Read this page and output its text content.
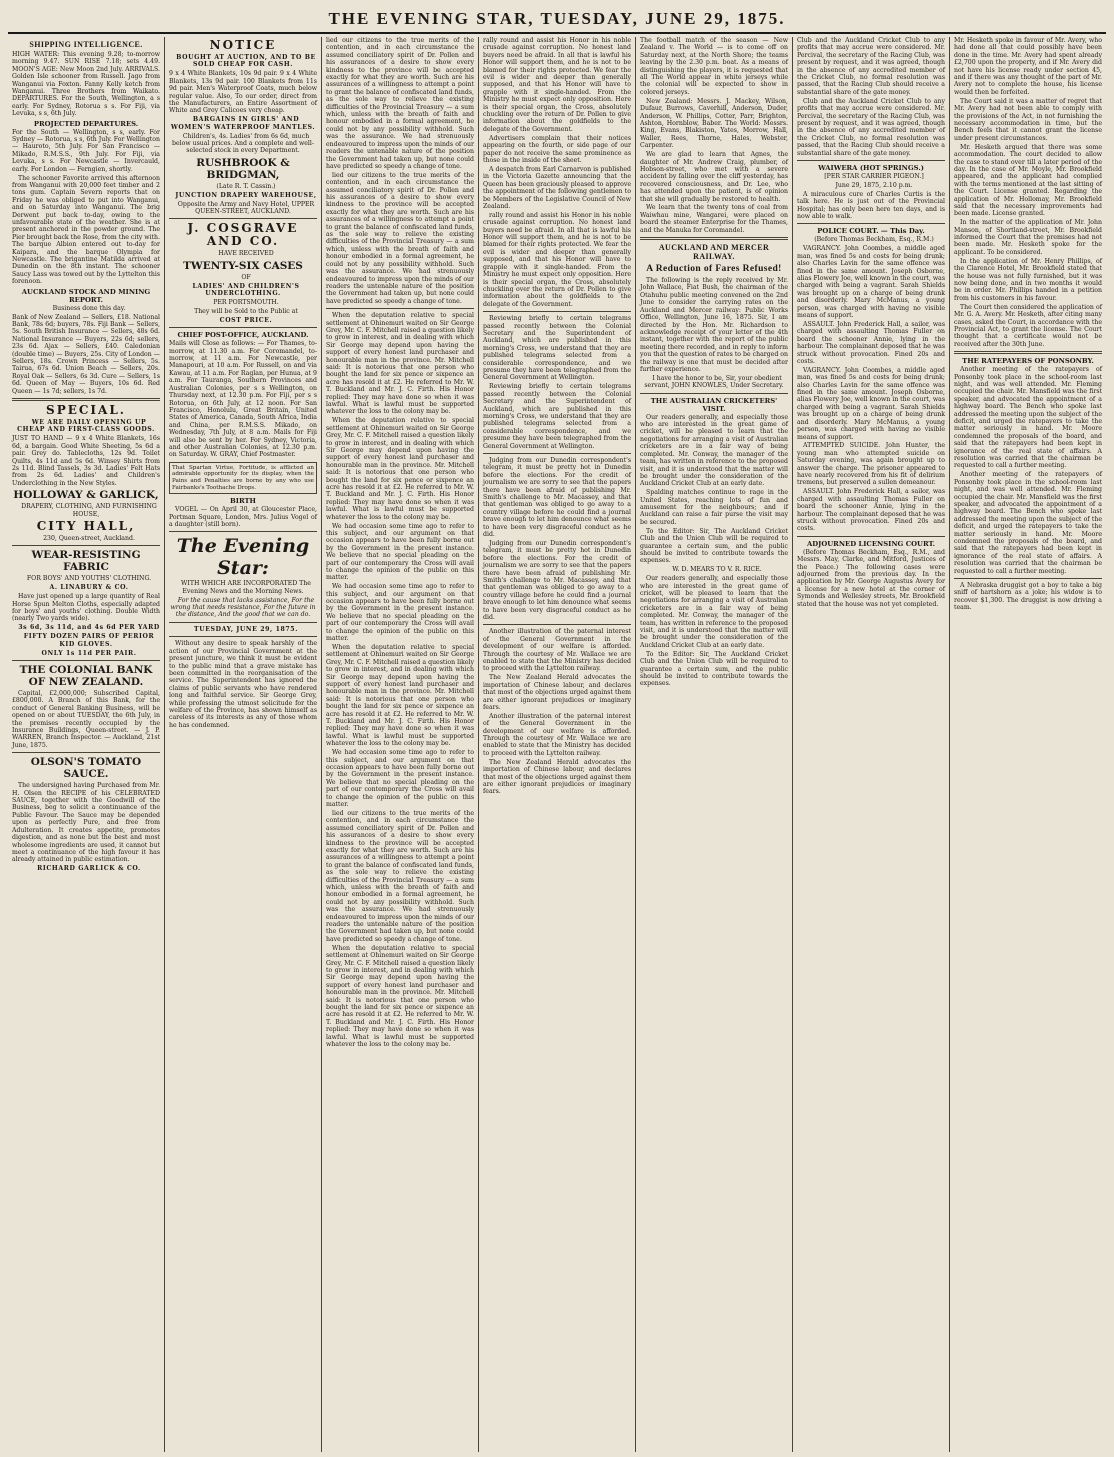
THE EVENING STAR, TUESDAY, JUNE 29, 1875.
SHIPPING INTELLIGENCE.

HIGH WATER: This evening 9.28; to-morrow morning 9.47. SUN RISE 7.18; sets 4.49. MOON'S AGE: New Moon 2nd July. ARRIVALS. Golden Isle schooner from Russell. Jago from Wanganui via Foxton. Fanny Kelly ketch from Wanganui. Three Brothers from Waikato. DEPARTURES. For the South, Wellington, a s early. For Sydney, Rotorua s s. For Fiji, via Levuka, s s, 6th July.

PROJECTED DEPARTURES.

For the South — Wellington, s s, early. For Sydney — Rotorua, s s, 6th July. For Wellington — Hauroto, 5th July. For San Francisco — Mikado, R.M.S.S., 9th July. For Fiji, via Levuka, s s. For Newcastle — Invercauld, early. For London — Ferngien, shortly.

The schooner Favorite arrived this afternoon from Wanganui with 20,000 feet timber and 2 tons gum. Captain Severn reports that on Friday he was obliged to put into Wanganui, and on Saturday into Wanganui. The brig Derwent put back to-day, owing to the unfavourable state of the weather. She is at present anchored in the powder ground. The Pier brought back the Rose, from the city with. The barque Albion entered out to-day for Kaipara, and the barque Olympia for Newcastle. The brigantine Matilda arrived at Dunedin on the 8th instant. The schooner Saucy Lass was towed out by the Lyttelton this forenoon.

AUCKLAND STOCK AND MINING REPORT.

Business done this day.

Bank of New Zealand — Sellers, £18. National Bank, 78s 6d; buyers, 78s. Fiji Bank — Sellers, 5s. South British Insurance — Sellers, 48s 6d. National Insurance — Buyers, 22s 6d; sellers, 23s 6d. Ajax — Sellers, £40. Caledonian (double time) — Buyers, 25s. City of London — Sellers, 18s. Crown Princess — Sellers, 5s. Tairua, 67s 6d. Union Beach — Sellers, 20s. Royal Oak — Sellers, 6s 3d. Cure — Sellers, 1s 6d. Queen of May — Buyers, 10s 6d. Red Queen — 1s 7d; sellers, 1s 7d.

SPECIAL.

WE ARE DAILY OPENING UP CHEAP AND FIRST-CLASS GOODS.

JUST TO HAND — 9 x 4 White Blankets, 16s 6d, a bargain. Good White Sheeting, 5s 6d a pair. Grey do. Tablecloths, 12s 9d. Toilet Quilts, 4s 11d and 5s 6d. Winsey Shirts from 2s 11d. Blind Tassels, 3s 3d. Ladies' Felt Hats from 2s 6d. Ladies' and Children's Underclothing in the New Styles.

HOLLOWAY & GARLICK,

DRAPERY, CLOTHING, AND FURNISHING HOUSE,

CITY HALL,

230, Queen-street, Auckland.

WEAR-RESISTING FABRIC

FOR BOYS' AND YOUTHS' CLOTHING.

A. LINABURY & CO.

Have just opened up a large quantity of Real Horse Spun Melton Cloths, especially adapted for boys' and youths' clothing. Double Width (nearly Two yards wide).

3s 6d, 3s 11d, and 4s 6d PER YARD

FIFTY DOZEN PAIRS OF PERIOR KID GLOVES.

ONLY 1s 11d PER PAIR.

THE COLONIAL BANK OF NEW ZEALAND.

Capital, £2,000,000; Subscribed Capital, £800,000. A Branch of this Bank, for the conduct of General Banking Business, will be opened on or about TUESDAY, the 6th July, in the premises recently occupied by the Insurance Buildings, Queen-street. — J. P. WARREN, Branch Inspector. — Auckland, 21st June, 1875.

OLSON'S TOMATO SAUCE.

The undersigned having Purchased from Mr. H. Olsen the RECIPE of his CELEBRATED SAUCE, together with the Goodwill of the Business, beg to solicit a continuance of the Public Favour. The Sauce may be depended upon as perfectly Pure, and free from Adulteration. It creates appetite, promotes digestion, and as none but the best and most wholesome ingredients are used, it cannot but meet a continuance of the high favour it has already attained in public estimation.

RICHARD GARLICK & CO.

NOTICE

BOUGHT AT AUCTION, AND TO BE SOLD CHEAP FOR CASH.

9 x 4 White Blankets, 10s 9d pair. 9 x 4 White Blankets, 13s 9d pair. 100 Blankets from 11s 9d pair. Men's Waterproof Coats, much below regular value. Also, To our order, direct from the Manufacturers, an Entire Assortment of White and Grey Calicoes very cheap.

BARGAINS IN GIRLS' AND WOMEN'S WATERPROOF MANTLES.

Children's, 4s. Ladies' from 6s 6d, much below usual prices. And a complete and well-selected stock in every Department.

RUSHBROOK & BRIDGMAN,

(Late R. T. Cassin.)

JUNCTION DRAPERY WAREHOUSE,

Opposite the Army and Navy Hotel, UPPER QUEEN-STREET, AUCKLAND.

J. COSGRAVE AND CO.

HAVE RECEIVED

TWENTY-SIX CASES

OF

LADIES' AND CHILDREN'S UNDERCLOTHING.

PER PORTSMOUTH.

They will be Sold to the Public at

COST PRICE.

CHIEF POST-OFFICE, AUCKLAND.

Mails will Close as follows: — For Thames, to-morrow, at 11.30 a.m. For Coromandel, to-morrow, at 11 a.m. For Newcastle, per Manapouri, at 10 a.m. For Russell, on and via Kawau, at 11 a.m. For Raglan, per Hunua, at 9 a.m. For Tauranga, Southern Provinces and Australian Colonies, per s s Wellington, on Thursday next, at 12.30 p.m. For Fiji, per s s Rotorua, on 6th July, at 12 noon. For San Francisco, Honolulu, Great Britain, United States of America, Canada, South Africa, India and China, per R.M.S.S. Mikado, on Wednesday, 7th July, at 8 a.m. Mails for Fiji will also be sent by her. For Sydney, Victoria, and other Australian Colonies, at 12.30 p.m. on Saturday. W. GRAY, Chief Postmaster.

That Spartan Virtue, Fortitude, is afflicted an admirable opportunity for its display, when the Pains and Penalties are borne by any who use Fairbanks's Toothache Drops.
BIRTH

VOGEL — On April 30, at Gloucester Place, Portman Square, London, Mrs. Julius Vogel of a daughter (still born).

The Evening Star:

WITH WHICH ARE INCORPORATED The Evening News and the Morning News.

For the cause that lacks assistance, For the wrong that needs resistance, For the future in the distance, And the good that we can do.

TUESDAY, JUNE 29, 1875.

Without any desire to speak harshly of the action of our Provincial Government at the present juncture, we think it must be evident to the public mind that a grave mistake has been committed in the reorganisation of the service. The Superintendent has ignored the claims of public servants who have rendered long and faithful service. Sir George Grey, while professing the utmost solicitude for the welfare of the Province, has shown himself as careless of its interests as any of those whom he has condemned.

lied our citizens to the true merits of the contention, and in each circumstance the assumed conciliatory spirit of Dr. Pollen and his assurances of a desire to show every kindness to the province will be accepted exactly for what they are worth. Such are his assurances of a willingness to attempt a point to grant the balance of confiscated land funds, as the sole way to relieve the existing difficulties of the Provincial Treasury — a sum which, unless with the breath of faith and honour embodied in a formal agreement, he could not by any possibility withhold. Such was the assurance. We had strenuously endeavoured to impress upon the minds of our readers the untenable nature of the position the Government had taken up, but none could have predicted so speedy a change of tone.

lied our citizens to the true merits of the contention, and in each circumstance the assumed conciliatory spirit of Dr. Pollen and his assurances of a desire to show every kindness to the province will be accepted exactly for what they are worth. Such are his assurances of a willingness to attempt a point to grant the balance of confiscated land funds, as the sole way to relieve the existing difficulties of the Provincial Treasury — a sum which, unless with the breath of faith and honour embodied in a formal agreement, he could not by any possibility withhold. Such was the assurance. We had strenuously endeavoured to impress upon the minds of our readers the untenable nature of the position the Government had taken up, but none could have predicted so speedy a change of tone.

When the deputation relative to special settlement at Ohinemuri waited on Sir George Grey, Mr. C. F. Mitchell raised a question likely to grow in interest, and in dealing with which Sir George may depend upon having the support of every honest land purchaser and honourable man in the province. Mr. Mitchell said: It is notorious that one person who bought the land for six pence or sixpence an acre has resold it at £2. He referred to Mr. W. T. Buckland and Mr. J. C. Firth. His Honor replied: They may have done so when it was lawful. What is lawful must be supported whatever the loss to the colony may be.

When the deputation relative to special settlement at Ohinemuri waited on Sir George Grey, Mr. C. F. Mitchell raised a question likely to grow in interest, and in dealing with which Sir George may depend upon having the support of every honest land purchaser and honourable man in the province. Mr. Mitchell said: It is notorious that one person who bought the land for six pence or sixpence an acre has resold it at £2. He referred to Mr. W. T. Buckland and Mr. J. C. Firth. His Honor replied: They may have done so when it was lawful. What is lawful must be supported whatever the loss to the colony may be.

We had occasion some time ago to refer to this subject, and our argument on that occasion appears to have been fully borne out by the Government in the present instance. We believe that no special pleading on the part of our contemporary the Cross will avail to change the opinion of the public on this matter.

We had occasion some time ago to refer to this subject, and our argument on that occasion appears to have been fully borne out by the Government in the present instance. We believe that no special pleading on the part of our contemporary the Cross will avail to change the opinion of the public on this matter.

When the deputation relative to special settlement at Ohinemuri waited on Sir George Grey, Mr. C. F. Mitchell raised a question likely to grow in interest, and in dealing with which Sir George may depend upon having the support of every honest land purchaser and honourable man in the province. Mr. Mitchell said: It is notorious that one person who bought the land for six pence or sixpence an acre has resold it at £2. He referred to Mr. W. T. Buckland and Mr. J. C. Firth. His Honor replied: They may have done so when it was lawful. What is lawful must be supported whatever the loss to the colony may be.

We had occasion some time ago to refer to this subject, and our argument on that occasion appears to have been fully borne out by the Government in the present instance. We believe that no special pleading on the part of our contemporary the Cross will avail to change the opinion of the public on this matter.

lied our citizens to the true merits of the contention, and in each circumstance the assumed conciliatory spirit of Dr. Pollen and his assurances of a desire to show every kindness to the province will be accepted exactly for what they are worth. Such are his assurances of a willingness to attempt a point to grant the balance of confiscated land funds, as the sole way to relieve the existing difficulties of the Provincial Treasury — a sum which, unless with the breath of faith and honour embodied in a formal agreement, he could not by any possibility withhold. Such was the assurance. We had strenuously endeavoured to impress upon the minds of our readers the untenable nature of the position the Government had taken up, but none could have predicted so speedy a change of tone.

When the deputation relative to special settlement at Ohinemuri waited on Sir George Grey, Mr. C. F. Mitchell raised a question likely to grow in interest, and in dealing with which Sir George may depend upon having the support of every honest land purchaser and honourable man in the province. Mr. Mitchell said: It is notorious that one person who bought the land for six pence or sixpence an acre has resold it at £2. He referred to Mr. W. T. Buckland and Mr. J. C. Firth. His Honor replied: They may have done so when it was lawful. What is lawful must be supported whatever the loss to the colony may be.

rally round and assist his Honor in his noble crusade against corruption. No honest land buyers need be afraid. In all that is lawful his Honor will support them, and he is not to be blamed for their rights protected. We fear the evil is wider and deeper than generally supposed, and that his Honor will have to grapple with it single-handed. From the Ministry he must expect only opposition. Here is their special organ, the Cross, absolutely chuckling over the return of Dr. Pollen to give information about the goldfields to the delegate of the Government.

Advertisers complain that their notices appearing on the fourth, or side page of our paper do not receive the same prominence as those in the inside of the sheet.

A despatch from Earl Carnarvon is published in the Victoria Gazette announcing that the Queen has been graciously pleased to approve the appointment of the following gentlemen to be Members of the Legislative Council of New Zealand.

rally round and assist his Honor in his noble crusade against corruption. No honest land buyers need be afraid. In all that is lawful his Honor will support them, and he is not to be blamed for their rights protected. We fear the evil is wider and deeper than generally supposed, and that his Honor will have to grapple with it single-handed. From the Ministry he must expect only opposition. Here is their special organ, the Cross, absolutely chuckling over the return of Dr. Pollen to give information about the goldfields to the delegate of the Government.

Reviewing briefly to certain telegrams passed recently between the Colonial Secretary and the Superintendent of Auckland, which are published in this morning's Cross, we understand that they are published telegrams selected from a considerable correspondence, and we presume they have been telegraphed from the General Government at Wellington.

Reviewing briefly to certain telegrams passed recently between the Colonial Secretary and the Superintendent of Auckland, which are published in this morning's Cross, we understand that they are published telegrams selected from a considerable correspondence, and we presume they have been telegraphed from the General Government at Wellington.

Judging from our Dunedin correspondent's telegram, it must be pretty hot in Dunedin before the elections. For the credit of journalism we are sorry to see that the papers there have been afraid of publishing Mr. Smith's challenge to Mr. Macassey, and that that gentleman was obliged to go away to a country village before he could find a journal brave enough to let him denounce what seems to have been very disgraceful conduct as he did.

Judging from our Dunedin correspondent's telegram, it must be pretty hot in Dunedin before the elections. For the credit of journalism we are sorry to see that the papers there have been afraid of publishing Mr. Smith's challenge to Mr. Macassey, and that that gentleman was obliged to go away to a country village before he could find a journal brave enough to let him denounce what seems to have been very disgraceful conduct as he did.

Another illustration of the paternal interest of the General Government in the development of our welfare is afforded. Through the courtesy of Mr. Wallace we are enabled to state that the Ministry has decided to proceed with the Lyttelton railway.

The New Zealand Herald advocates the importation of Chinese labour, and declares that most of the objections urged against them are either ignorant prejudices or imaginary fears.

Another illustration of the paternal interest of the General Government in the development of our welfare is afforded. Through the courtesy of Mr. Wallace we are enabled to state that the Ministry has decided to proceed with the Lyttelton railway.

The New Zealand Herald advocates the importation of Chinese labour, and declares that most of the objections urged against them are either ignorant prejudices or imaginary fears.

The football match of the season — New Zealand v. The World — is to come off on Saturday next, at the North Shore; the teams leaving by the 2.30 p.m. boat. As a means of distinguishing the players, it is requested that all The World appear in white jerseys while the colonial will be expected to show in colored jerseys.

New Zealand: Messrs. J. Mackey, Wilson, Dufaur, Burrows, Caverhill, Anderson, Duder, Anderson, W. Phillips, Cotter, Parr, Brighton, Ashton, Hornblow, Baber. The World: Messrs. King, Evans, Blakiston, Yates, Morrow, Hall, Waller, Rees, Thorne, Hales, Webster, Carpenter.

We are glad to learn that Agnes, the daughter of Mr. Andrew Craig, plumber, of Hobson-street, who met with a severe accident by falling over the cliff yesterday, has recovered consciousness, and Dr. Lee, who has attended upon the patient, is of opinion that she will gradually be restored to health.

We learn that the twenty tons of coal from Waiwhau mine, Wangarei, were placed on board the steamer Enterprise for the Thames, and the Manuka for Coromandel.

AUCKLAND AND MERCER RAILWAY.
A Reduction of Fares Refused!

The following is the reply received by Mr. John Wallace, Fiat Bush, the chairman of the Otahuhu public meeting convened on the 2nd June to consider the carrying rates on the Auckland and Mercer railway: Public Works Office, Wellington, June 16, 1875. Sir, I am directed by the Hon. Mr. Richardson to acknowledge receipt of your letter of the 4th instant, together with the report of the public meeting there recorded, and in reply to inform you that the question of rates to be charged on the railway is one that must be decided after further experience.

I have the honor to be, Sir, your obedient servant, JOHN KNOWLES, Under Secretary.

THE AUSTRALIAN CRICKETERS' VISIT.

Our readers generally, and especially those who are interested in the great game of cricket, will be pleased to learn that the negotiations for arranging a visit of Australian cricketers are in a fair way of being completed. Mr. Conway, the manager of the team, has written in reference to the proposed visit, and it is understood that the matter will be brought under the consideration of the Auckland Cricket Club at an early date.

Spalding matches continue to rage in the United States, reaching lots of fun and amusement for the neighbours; and if Auckland can raise a fair purse the visit may be secured.

To the Editor: Sir, The Auckland Cricket Club and the Union Club will be required to guarantee a certain sum, and the public should be invited to contribute towards the expenses.

W. D. MEARS TO V. R. RICE.

Our readers generally, and especially those who are interested in the great game of cricket, will be pleased to learn that the negotiations for arranging a visit of Australian cricketers are in a fair way of being completed. Mr. Conway, the manager of the team, has written in reference to the proposed visit, and it is understood that the matter will be brought under the consideration of the Auckland Cricket Club at an early date.

To the Editor: Sir, The Auckland Cricket Club and the Union Club will be required to guarantee a certain sum, and the public should be invited to contribute towards the expenses.

Club and the Auckland Cricket Club to any profits that may accrue were considered. Mr. Percival, the secretary of the Racing Club, was present by request, and it was agreed, though in the absence of any accredited member of the Cricket Club, no formal resolution was passed, that the Racing Club should receive a substantial share of the gate money.

Club and the Auckland Cricket Club to any profits that may accrue were considered. Mr. Percival, the secretary of the Racing Club, was present by request, and it was agreed, though in the absence of any accredited member of the Cricket Club, no formal resolution was passed, that the Racing Club should receive a substantial share of the gate money.

WAIWERA (HOT SPRINGS.)

[PER STAR CARRIER PIGEON.]

June 29, 1875, 2.10 p.m.

A miraculous cure of Charles Curtis is the talk here. He is just out of the Provincial Hospital; has only been here ten days, and is now able to walk.

POLICE COURT. — This Day.

(Before Thomas Beckham, Esq., R.M.)

VAGRANCY. John Coombes, a middle aged man, was fined 5s and costs for being drunk; also Charles Lavin for the same offence was fined in the same amount. Joseph Osborne, alias Flowery Joe, well known in the court, was charged with being a vagrant. Sarah Shields was brought up on a charge of being drunk and disorderly. Mary McManus, a young person, was charged with having no visible means of support.

ASSAULT. John Frederick Hall, a sailor, was charged with assaulting Thomas Fuller on board the schooner Annie, lying in the harbour. The complainant deposed that he was struck without provocation. Fined 20s and costs.

VAGRANCY. John Coombes, a middle aged man, was fined 5s and costs for being drunk; also Charles Lavin for the same offence was fined in the same amount. Joseph Osborne, alias Flowery Joe, well known in the court, was charged with being a vagrant. Sarah Shields was brought up on a charge of being drunk and disorderly. Mary McManus, a young person, was charged with having no visible means of support.

ATTEMPTED SUICIDE. John Hunter, the young man who attempted suicide on Saturday evening, was again brought up to answer the charge. The prisoner appeared to have nearly recovered from his fit of delirium tremens, but preserved a sullen demeanour.

ASSAULT. John Frederick Hall, a sailor, was charged with assaulting Thomas Fuller on board the schooner Annie, lying in the harbour. The complainant deposed that he was struck without provocation. Fined 20s and costs.

ADJOURNED LICENSING COURT.

(Before Thomas Beckham, Esq., R.M., and Messrs. May, Clarke, and Mitford, Justices of the Peace.) The following cases were adjourned from the previous day. In the application by Mr. George Augustus Avery for a license for a new hotel at the corner of Symonds and Wellesley streets, Mr. Brookfield stated that the house was not yet completed.

Mr. Hesketh spoke in favour of Mr. Avery, who had done all that could possibly have been done in the time. Mr. Avery had spent already £2,700 upon the property, and if Mr. Avery did not have his license ready under section 45, and if there was any thought of the part of Mr. Avery not to complete the house, his license would then be forfeited.

The Court said it was a matter of regret that Mr. Avery had not been able to comply with the provisions of the Act, in not furnishing the necessary accommodation in time, but the Bench feels that it cannot grant the license under present circumstances.

Mr. Hesketh argued that there was some accommodation. The court decided to allow the case to stand over till a later period of the day. In the case of Mr. Moyle, Mr. Brookfield appeared, and the applicant had complied with the terms mentioned at the last sitting of the Court. License granted. Regarding the application of Mr. Hollomay, Mr. Brookfield said that the necessary improvements had been made. License granted.

In the matter of the application of Mr. John Manson, of Shortland-street, Mr. Brookfield informed the Court that the premises had not been made. Mr. Hesketh spoke for the applicant. To be considered.

In the application of Mr. Henry Phillips, of the Clarence Hotel, Mr. Brookfield stated that the house was not fully furnished, but it was now being done, and in two months it would be in order. Mr. Phillips handed in a petition from his customers in his favour.

The Court then considered the application of Mr. G. A. Avery. Mr. Hesketh, after citing many cases, asked the Court, in accordance with the Provincial Act, to grant the license. The Court thought that a certificate would not be received after the 30th June.

THE RATEPAYERS OF PONSONBY.

Another meeting of the ratepayers of Ponsonby took place in the school-room last night, and was well attended. Mr. Fleming occupied the chair. Mr. Mansfield was the first speaker, and advocated the appointment of a highway board. The Bench who spoke last addressed the meeting upon the subject of the deficit, and urged the ratepayers to take the matter seriously in hand. Mr. Moore condemned the proposals of the board, and said that the ratepayers had been kept in ignorance of the real state of affairs. A resolution was carried that the chairman be requested to call a further meeting.

Another meeting of the ratepayers of Ponsonby took place in the school-room last night, and was well attended. Mr. Fleming occupied the chair. Mr. Mansfield was the first speaker, and advocated the appointment of a highway board. The Bench who spoke last addressed the meeting upon the subject of the deficit, and urged the ratepayers to take the matter seriously in hand. Mr. Moore condemned the proposals of the board, and said that the ratepayers had been kept in ignorance of the real state of affairs. A resolution was carried that the chairman be requested to call a further meeting.

A Nebraska druggist got a boy to take a big sniff of hartshorn as a joke; his widow is to recover $1,300. The druggist is now driving a team.
